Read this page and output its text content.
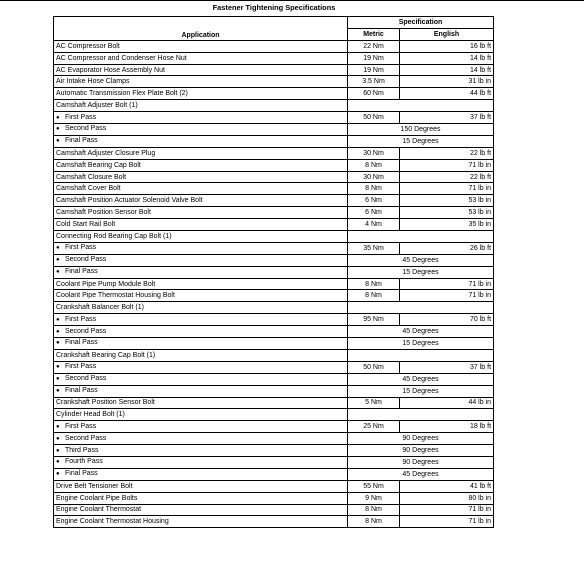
Fastener Tightening Specifications
Application	Specification	
	Metric	English
AC Compressor Bolt	22 Nm	16 lb ft
AC Compressor and Condenser Hose Nut	19 Nm	14 lb ft
AC Evaporator Hose Assembly Nut	19 Nm	14 lb ft
Air Intake Hose Clamps	3.5 Nm	31 lb in
Automatic Transmission Flex Plate Bolt (2)	60 Nm	44 lb ft
Camshaft Adjuster Bolt (1)		
● First Pass	50 Nm	37 lb ft
● Second Pass	150 Degrees	
● Final Pass	15 Degrees	
Camshaft Adjuster Closure Plug	30 Nm	22 lb ft
Camshaft Bearing Cap Bolt	8 Nm	71 lb in
Camshaft Closure Bolt	30 Nm	22 lb ft
Camshaft Cover Bolt	8 Nm	71 lb in
Camshaft Position Actuator Solenoid Valve Bolt	6 Nm	53 lb in
Camshaft Position Sensor Bolt	6 Nm	53 lb in
Cold Start Rail Bolt	4 Nm	35 lb in
Connecting Rod Bearing Cap Bolt (1)		
● First Pass	35 Nm	26 lb ft
● Second Pass	45 Degrees	
● Final Pass	15 Degrees	
Coolant Pipe Pump Module Bolt	8 Nm	71 lb in
Coolant Pipe Thermostat Housing Bolt	8 Nm	71 lb in
Crankshaft Balancer Bolt (1)		
● First Pass	95 Nm	70 lb ft
● Second Pass	45 Degrees	
● Final Pass	15 Degrees	
Crankshaft Bearing Cap Bolt (1)		
● First Pass	50 Nm	37 lb ft
● Second Pass	45 Degrees	
● Final Pass	15 Degrees	
Crankshaft Position Sensor Bolt	5 Nm	44 lb in
Cylinder Head Bolt (1)		
● First Pass	25 Nm	18 lb ft
● Second Pass	90 Degrees	
● Third Pass	90 Degrees	
● Fourth Pass	90 Degrees	
● Final Pass	45 Degrees	
Drive Belt Tensioner Bolt	55 Nm	41 lb ft
Engine Coolant Pipe Bolts	9 Nm	80 lb in
Engine Coolant Thermostat	8 Nm	71 lb in
Engine Coolant Thermostat Housing	8 Nm	71 lb in
